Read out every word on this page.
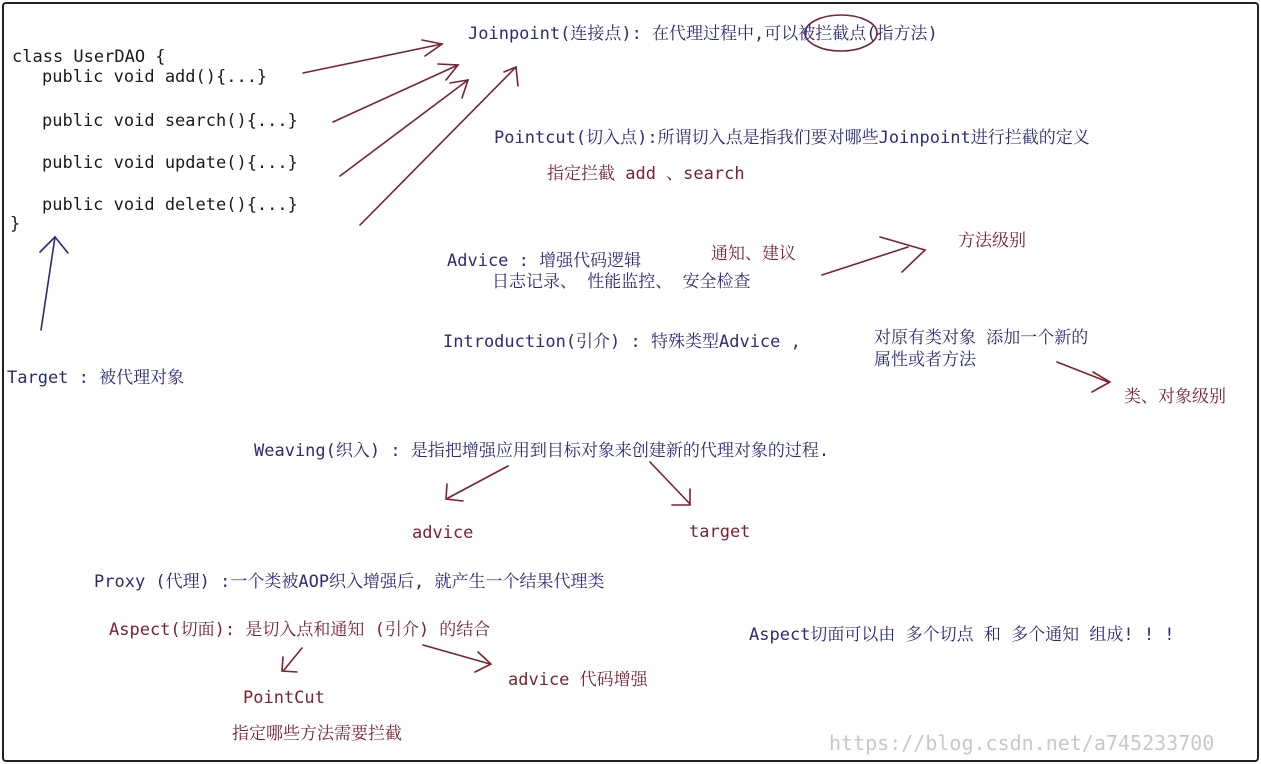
class UserDAO {
public void add(){...}
public void search(){...}
public void update(){...}
public void delete(){...}
}
Target : 被代理对象
Joinpoint(连接点): 在代理过程中,可以被拦截点(指方法)
Pointcut(切入点):所谓切入点是指我们要对哪些Joinpoint进行拦截的定义
指定拦截 add 、search
Advice : 增强代码逻辑	通知、建议
日志记录、 性能监控、 安全检查
方法级别
Introduction(引介) : 特殊类型Advice ,	对原有类对象 添加一个新的
属性或者方法
类、对象级别
Weaving(织入) : 是指把增强应用到目标对象来创建新的代理对象的过程.
advice	target
Proxy (代理) :一个类被AOP织入增强后, 就产生一个结果代理类
Aspect(切面): 是切入点和通知 (引介) 的结合
PointCut
指定哪些方法需要拦截
advice 代码增强
Aspect切面可以由 多个切点 和 多个通知 组成! ! !
https://blog.csdn.net/a745233700
